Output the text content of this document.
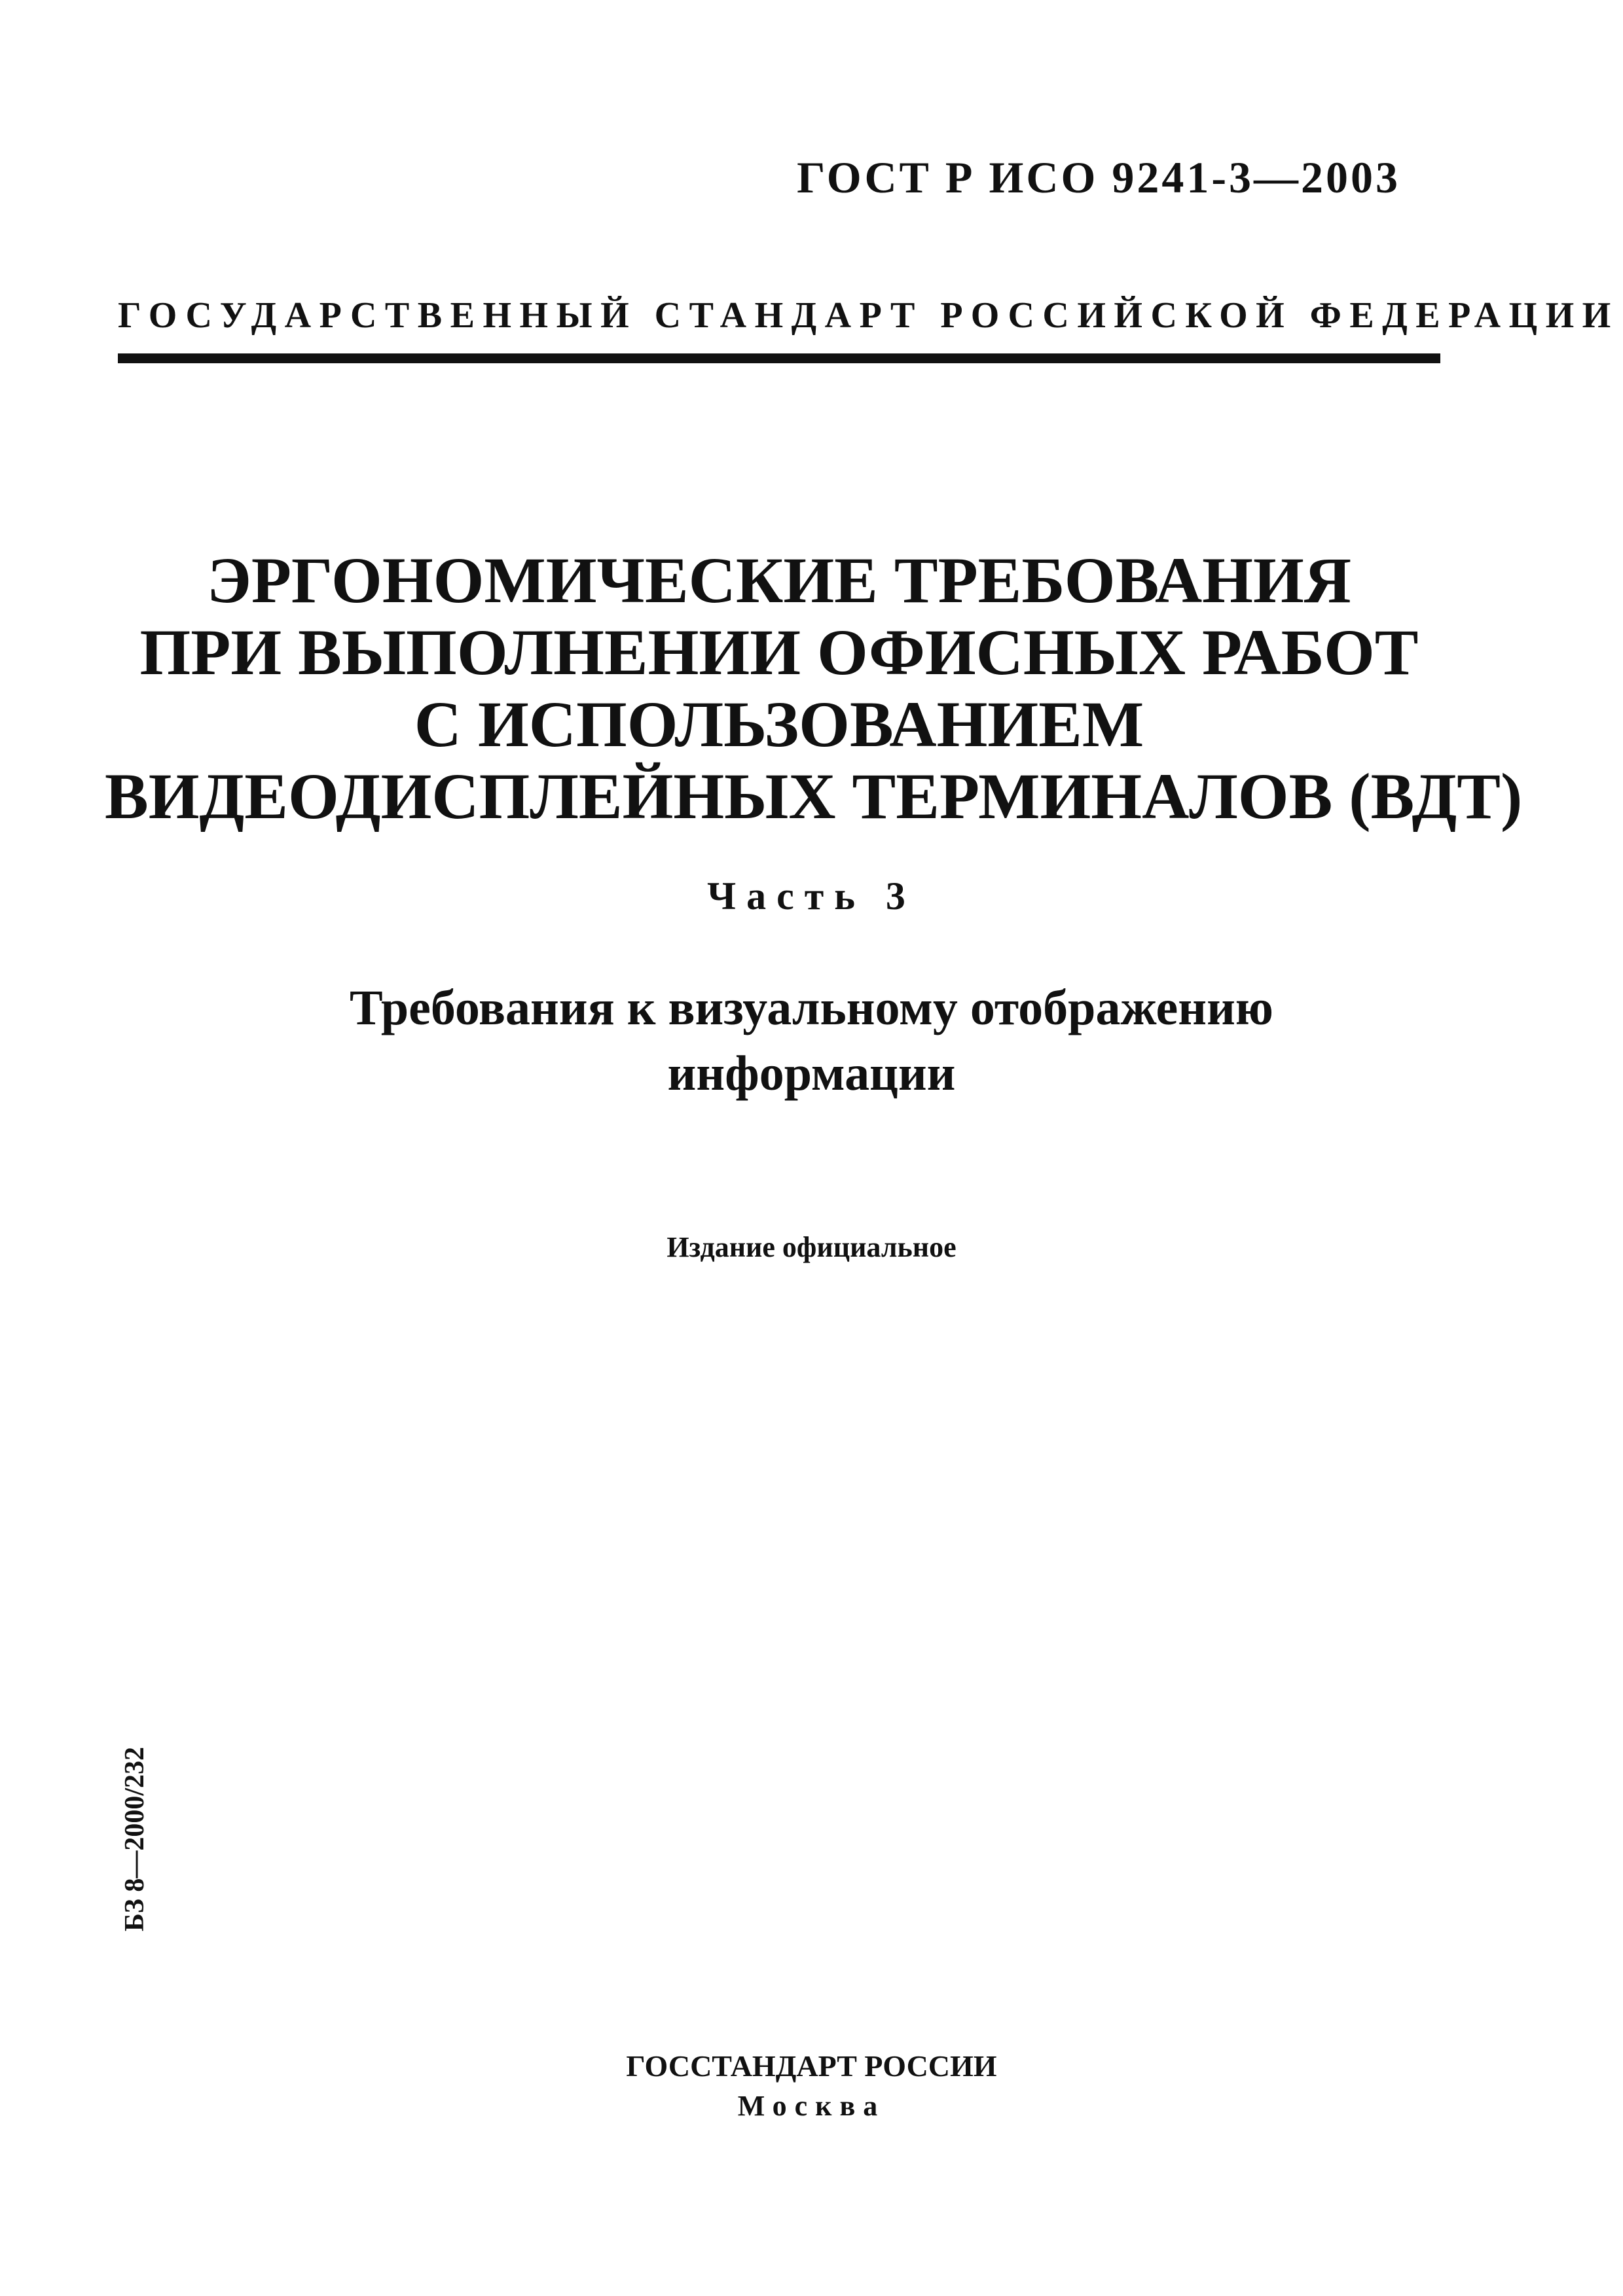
ГОСТ Р ИСО 9241-3—2003
ГОСУДАРСТВЕННЫЙ СТАНДАРТ РОССИЙСКОЙ ФЕДЕРАЦИИ
ЭРГОНОМИЧЕСКИЕ ТРЕБОВАНИЯ
ПРИ ВЫПОЛНЕНИИ ОФИСНЫХ РАБОТ
С ИСПОЛЬЗОВАНИЕМ
ВИДЕОДИСПЛЕЙНЫХ ТЕРМИНАЛОВ (ВДТ)
Часть 3
Требования к визуальному отображению
информации
Издание официальное
БЗ 8—2000/232
ГОССТАНДАРТ РОССИИ
Москва
